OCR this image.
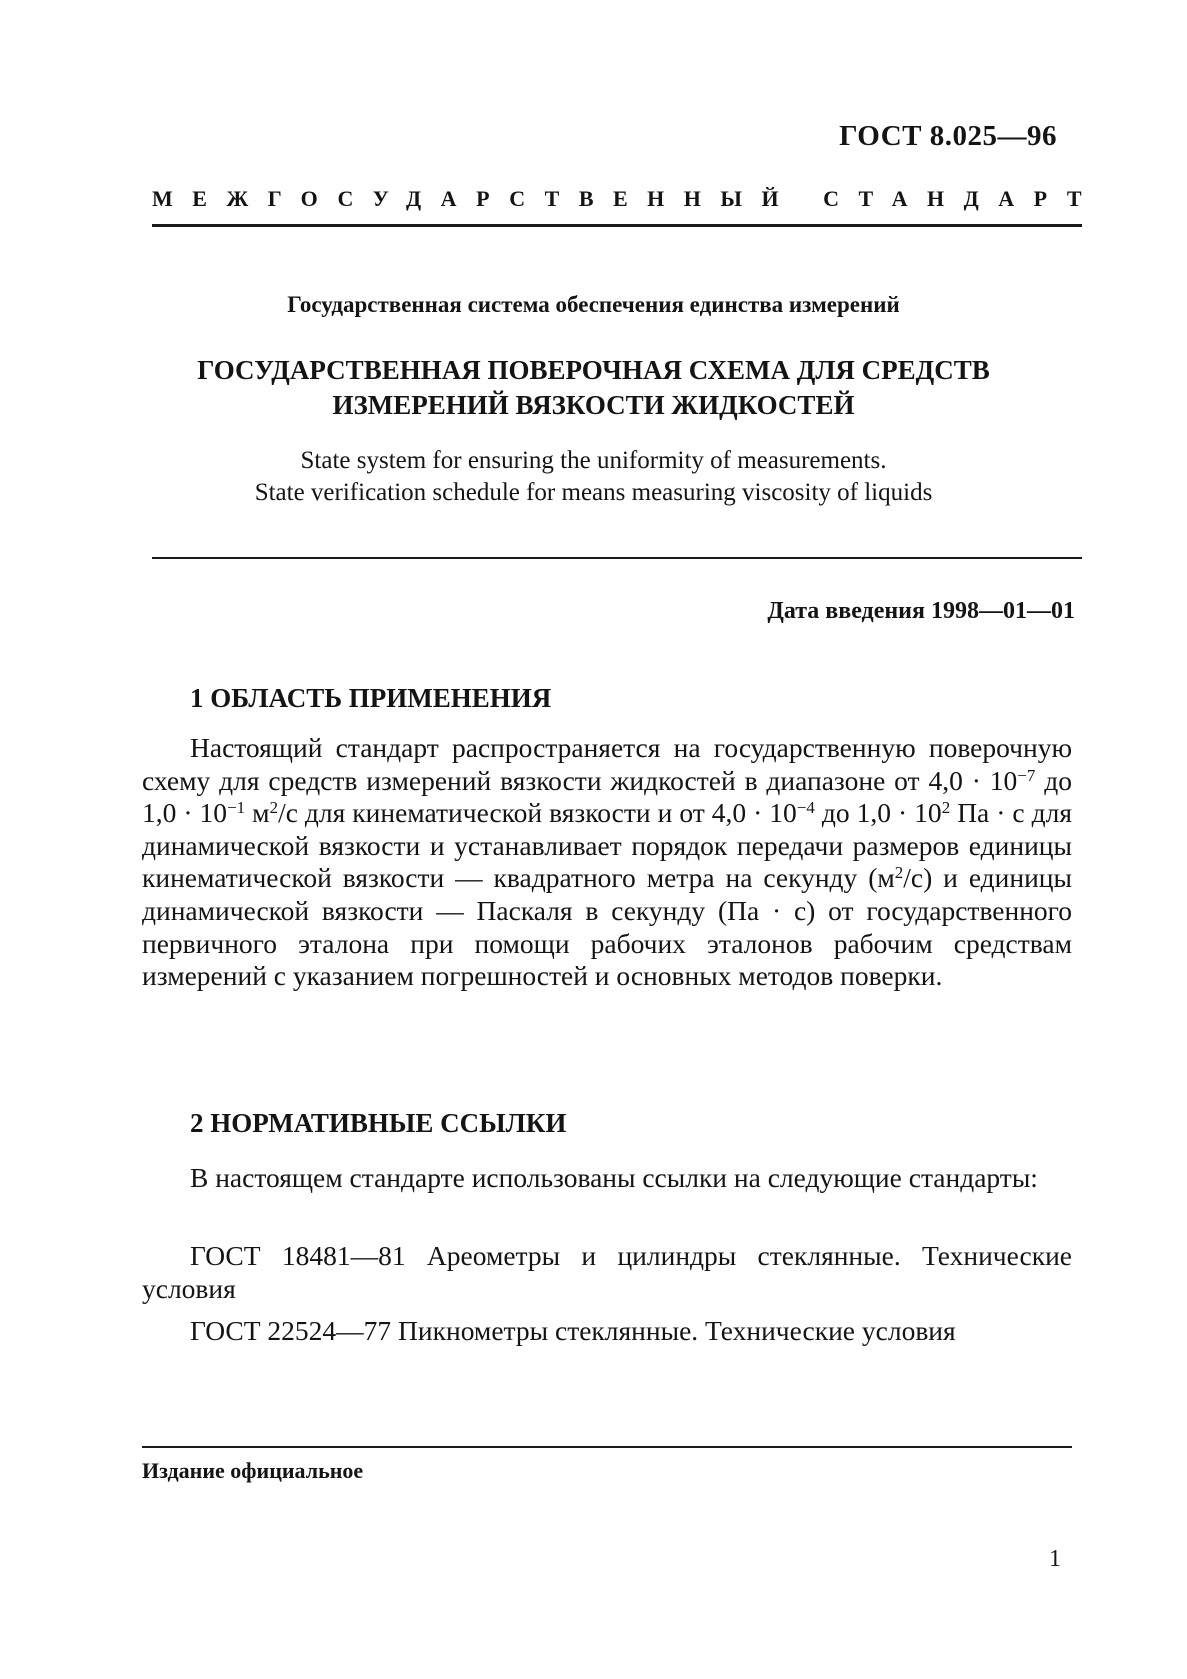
ГОСТ 8.025—96
МЕЖГОСУДАРСТВЕННЫЙ СТАНДАРТ
Государственная система обеспечения единства измерений
ГОСУДАРСТВЕННАЯ ПОВЕРОЧНАЯ СХЕМА ДЛЯ СРЕДСТВ
ИЗМЕРЕНИЙ ВЯЗКОСТИ ЖИДКОСТЕЙ
State system for ensuring the uniformity of measurements.
State verification schedule for means measuring viscosity of liquids
Дата введения 1998—01—01
1 ОБЛАСТЬ ПРИМЕНЕНИЯ
Настоящий стандарт распространяется на государственную поверочную схему для средств измерений вязкости жидкостей в диапазоне от $4,0 \cdot 10^{-7}$ до $1,0 \cdot 10^{-1}$ $м^2/с$ для кинематической вязкости и от $4,0 \cdot 10^{-4}$ до $1,0 \cdot 10^2$ Па · с для динамической вязкости и устанавливает порядок передачи размеров единицы кинематической вязкости — квадратного метра на секунду $(м^2/с)$ и единицы динамической вязкости — Паскаля в секунду (Па · с) от государственного первичного эталона при помощи рабочих эталонов рабочим средствам измерений с указанием погрешностей и основных методов поверки.
2 НОРМАТИВНЫЕ ССЫЛКИ
В настоящем стандарте использованы ссылки на следующие стандарты:
ГОСТ 18481—81 Ареометры и цилиндры стеклянные. Технические условия
ГОСТ 22524—77 Пикнометры стеклянные. Технические условия
Издание официальное
1
